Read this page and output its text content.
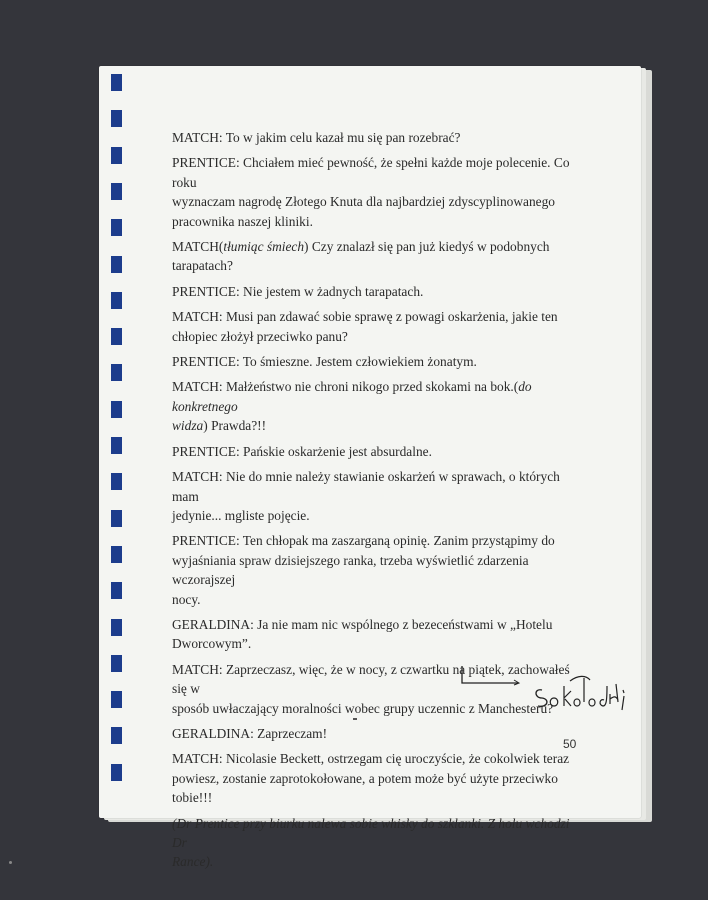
MATCH: To w jakim celu kazał mu się pan rozebrać?

PRENTICE: Chciałem mieć pewność, że spełni każde moje polecenie. Co roku
wyznaczam nagrodę Złotego Knuta dla najbardziej zdyscyplinowanego
pracownika naszej kliniki.

MATCH(tłumiąc śmiech) Czy znalazł się pan już kiedyś w podobnych
tarapatach?

PRENTICE: Nie jestem w żadnych tarapatach.

MATCH: Musi pan zdawać sobie sprawę z powagi oskarżenia, jakie ten
chłopiec złożył przeciwko panu?

PRENTICE: To śmieszne. Jestem człowiekiem żonatym.

MATCH: Małżeństwo nie chroni nikogo przed skokami na bok.(do konkretnego
widza) Prawda?!!

PRENTICE: Pańskie oskarżenie jest absurdalne.

MATCH: Nie do mnie należy stawianie oskarżeń w sprawach, o których mam
jedynie... mgliste pojęcie.

PRENTICE: Ten chłopak ma zaszarganą opinię. Zanim przystąpimy do
wyjaśniania spraw dzisiejszego ranka, trzeba wyświetlić zdarzenia wczorajszej
nocy.

GERALDINA: Ja nie mam nic wspólnego z bezeceństwami w „Hotelu
Dworcowym”.

MATCH: Zaprzeczasz, więc, że w nocy, z czwartku na piątek, zachowałeś się w
sposób uwłaczający moralności wobec grupy uczennic z Manchesteru?

GERALDINA: Zaprzeczam!

MATCH: Nicolasie Beckett, ostrzegam cię uroczyście, że cokolwiek teraz
powiesz, zostanie zaprotokołowane, a potem może być użyte przeciwko tobie!!!

(Dr Prentice przy biurku nalewa sobie whisky do szklanki. Z holu wchodzi Dr
Rance).

50
